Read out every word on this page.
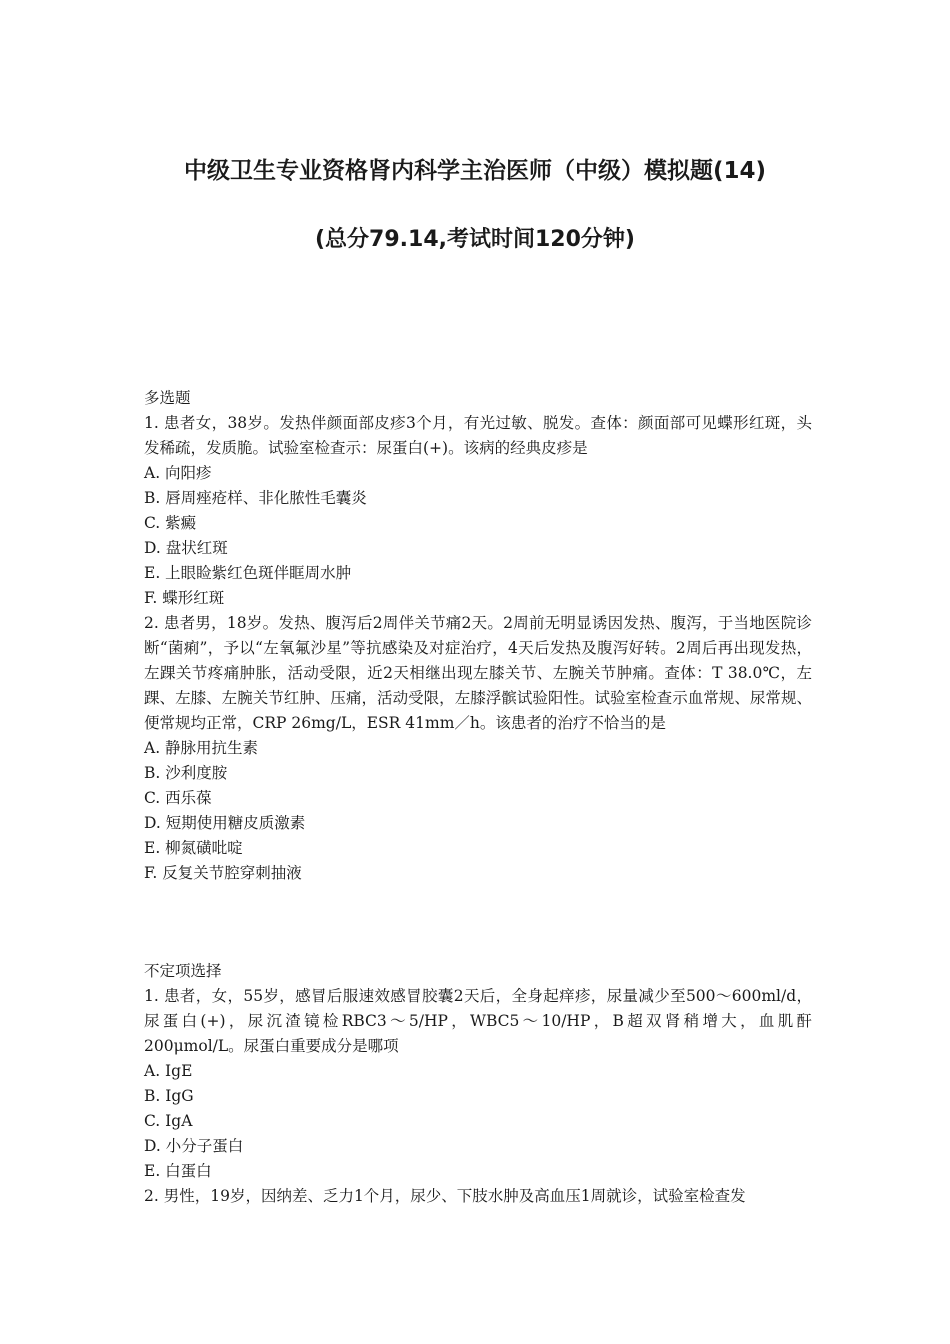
中级卫生专业资格肾内科学主治医师（中级）模拟题(14)
(总分79.14,考试时间120分钟)

多选题

1. 患者女，38岁。发热伴颜面部皮疹3个月，有光过敏、脱发。查体：颜面部可见蝶形红斑，头发稀疏，发质脆。试验室检查示：尿蛋白(+)。该病的经典皮疹是

A. 向阳疹

B. 唇周痤疮样、非化脓性毛囊炎

C. 紫癜

D. 盘状红斑

E. 上眼睑紫红色斑伴眶周水肿

F. 蝶形红斑

2. 患者男，18岁。发热、腹泻后2周伴关节痛2天。2周前无明显诱因发热、腹泻，于当地医院诊断“菌痢”，予以“左氧氟沙星”等抗感染及对症治疗，4天后发热及腹泻好转。2周后再出现发热，左踝关节疼痛肿胀，活动受限，近2天相继出现左膝关节、左腕关节肿痛。查体：T 38.0℃，左踝、左膝、左腕关节红肿、压痛，活动受限，左膝浮髌试验阳性。试验室检查示血常规、尿常规、便常规均正常，CRP 26mg/L，ESR 41mm／h。该患者的治疗不恰当的是

A. 静脉用抗生素

B. 沙利度胺

C. 西乐葆

D. 短期使用糖皮质激素

E. 柳氮磺吡啶

F. 反复关节腔穿刺抽液

不定项选择

1. 患者，女，55岁，感冒后服速效感冒胶囊2天后，全身起痒疹，尿量减少至500～600ml/d，尿蛋白(+)，尿沉渣镜检RBC3～5/HP，WBC5～10/HP，B超双肾稍增大，血肌酐200μmol/L。尿蛋白重要成分是哪项

A. IgE

B. IgG

C. IgA

D. 小分子蛋白

E. 白蛋白

2. 男性，19岁，因纳差、乏力1个月，尿少、下肢水肿及高血压1周就诊，试验室检查发
